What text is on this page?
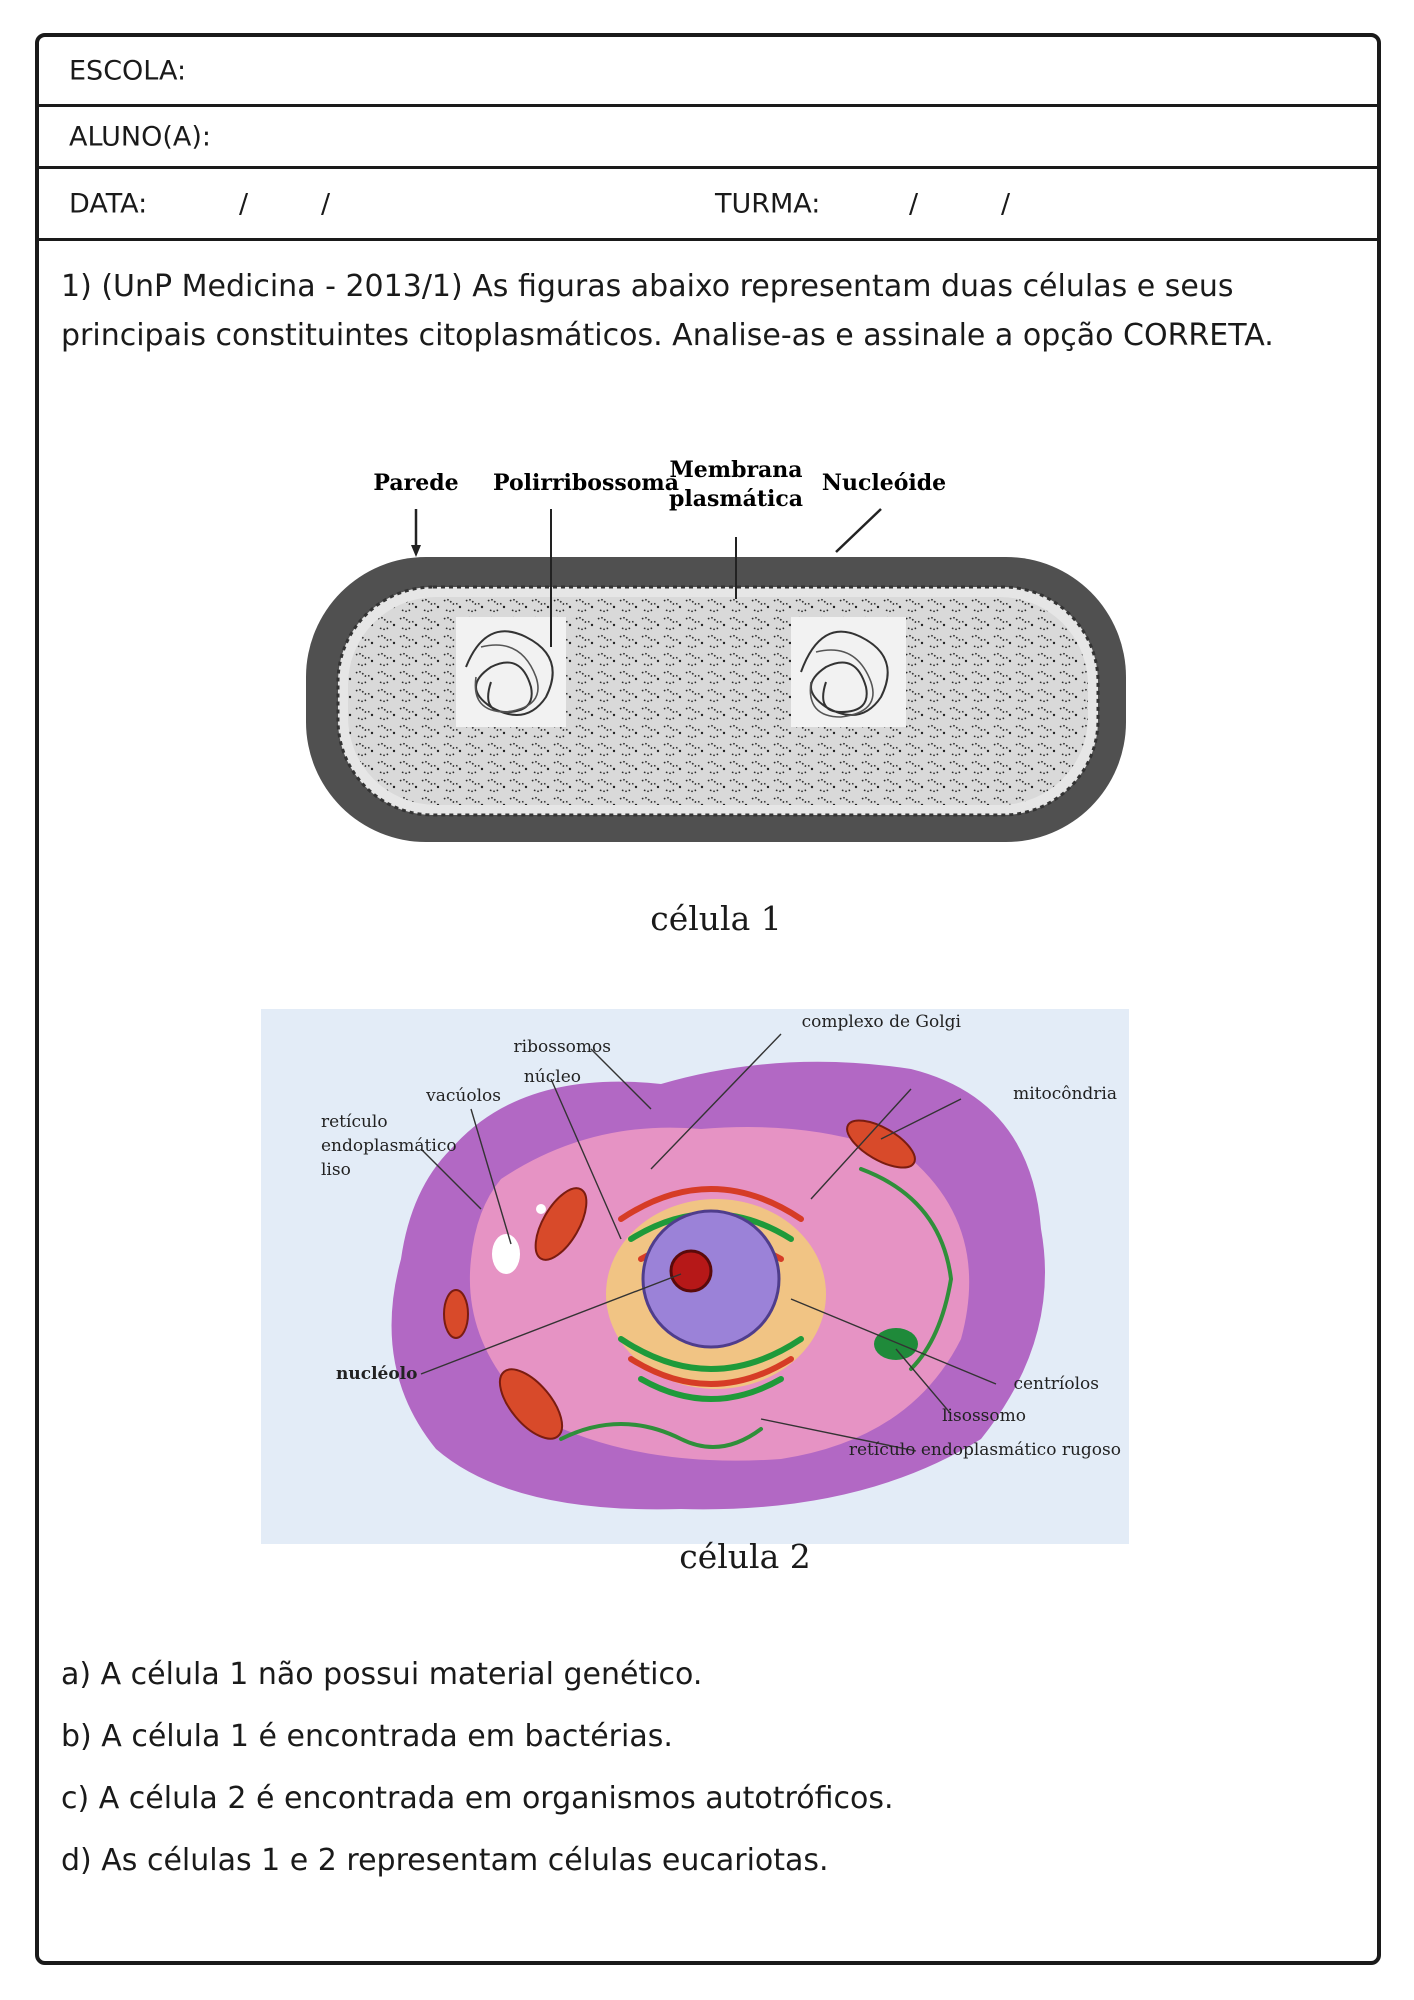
ESCOLA:
ALUNO(A):
DATA:	/	/	TURMA:	/	/
1) (UnP Medicina - 2013/1) As figuras abaixo representam duas células e seus
principais constituintes citoplasmáticos. Analise-as e assinale a opção CORRETA.
Parede Polirribossoma
Membrana
plasmática
Nucleóide
célula 1
complexo de Golgi
ribossomos
núcleo
mitocôndria
vacúolos
retículo
endoplasmático
liso
nucléolo	centríolos
lisossomo
retículo endoplasmático rugoso
célula 2
a) A célula 1 não possui material genético.
b) A célula 1 é encontrada em bactérias.
c) A célula 2 é encontrada em organismos autotróficos.
d) As células 1 e 2 representam células eucariotas.
